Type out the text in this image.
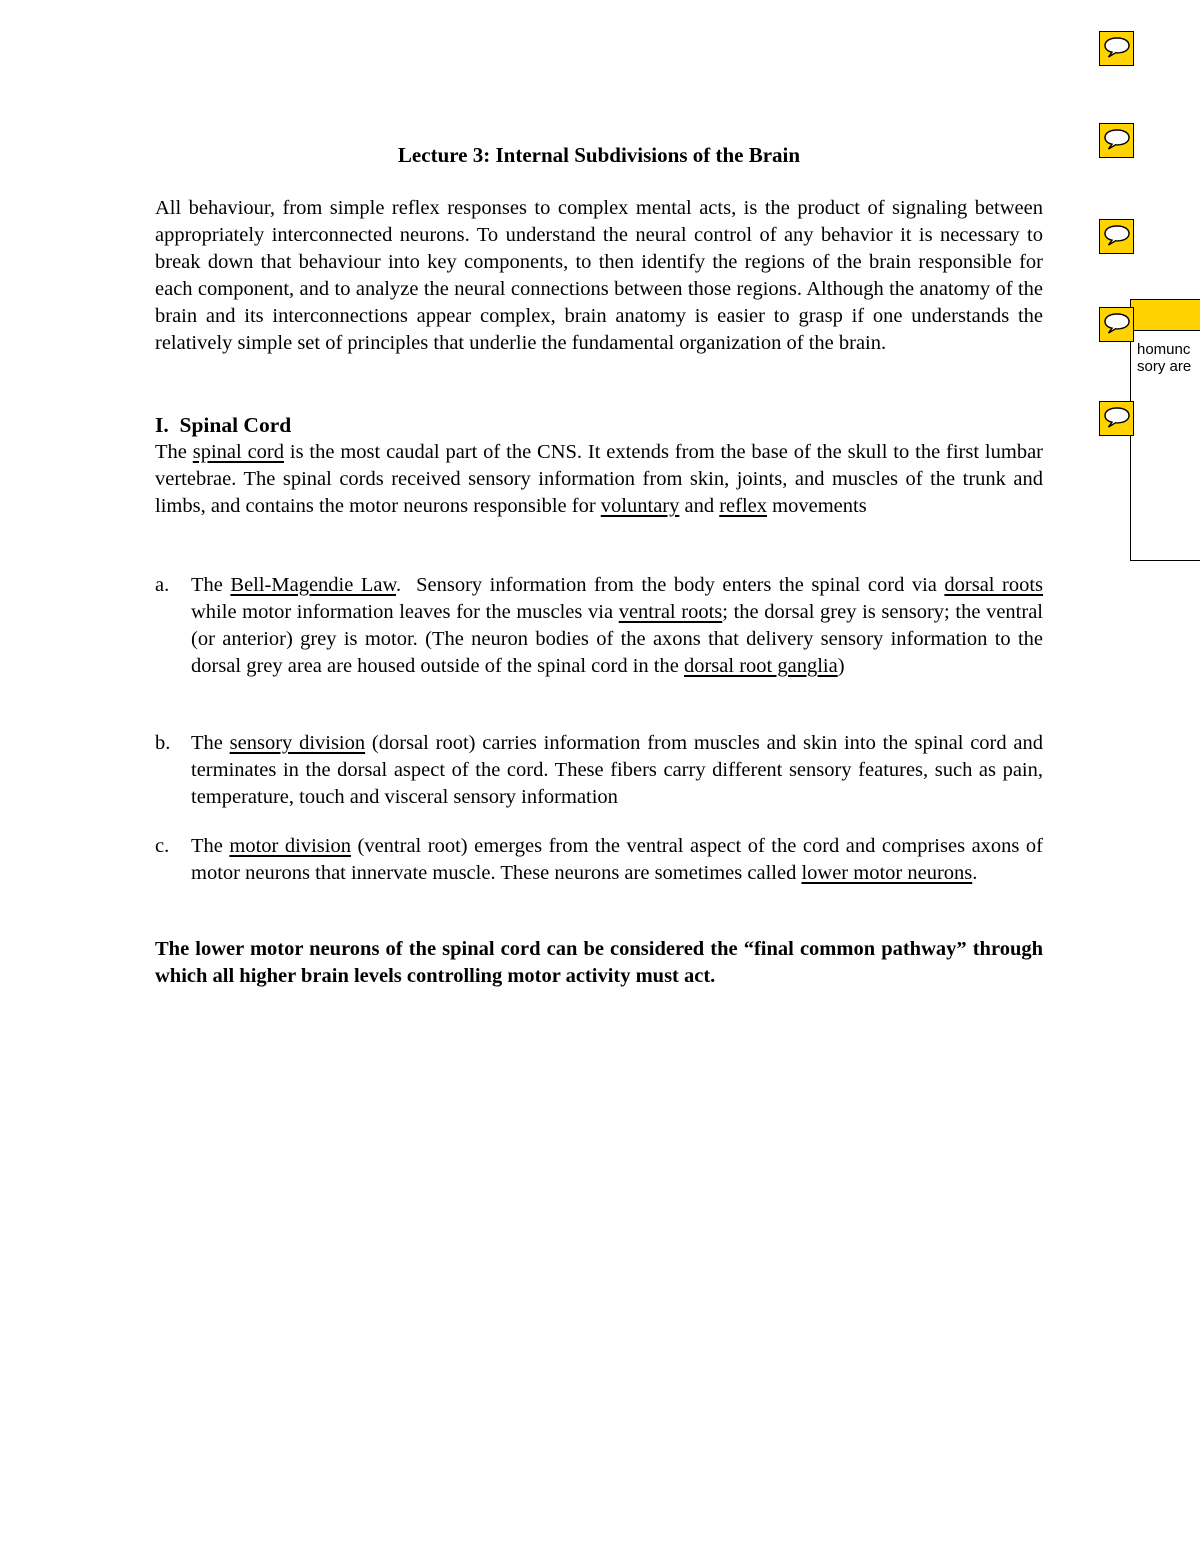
Lecture 3: Internal Subdivisions of the Brain

All behaviour, from simple reflex responses to complex mental acts, is the product of signaling between appropriately interconnected neurons. To understand the neural control of any behavior it is necessary to break down that behaviour into key components, to then identify the regions of the brain responsible for each component, and to analyze the neural connections between those regions. Although the anatomy of the brain and its interconnections appear complex, brain anatomy is easier to grasp if one understands the relatively simple set of principles that underlie the fundamental organization of the brain.

I.  Spinal Cord

The spinal cord is the most caudal part of the CNS. It extends from the base of the skull to the first lumbar vertebrae. The spinal cords received sensory information from skin, joints, and muscles of the trunk and limbs, and contains the motor neurons responsible for voluntary and reflex movements

a.	The Bell-Magendie Law.  Sensory information from the body enters the spinal cord via dorsal roots while motor information leaves for the muscles via ventral roots; the dorsal grey is sensory; the ventral (or anterior) grey is motor. (The neuron bodies of the axons that delivery sensory information to the dorsal grey area are housed outside of the spinal cord in the dorsal root ganglia)
b.	The sensory division (dorsal root) carries information from muscles and skin into the spinal cord and terminates in the dorsal aspect of the cord. These fibers carry different sensory features, such as pain, temperature, touch and visceral sensory information
c.	The motor division (ventral root) emerges from the ventral aspect of the cord and comprises axons of motor neurons that innervate muscle. These neurons are sometimes called lower motor neurons.

The lower motor neurons of the spinal cord can be considered the “final common pathway” through which all higher brain levels controlling motor activity must act.

homunc
sory are
